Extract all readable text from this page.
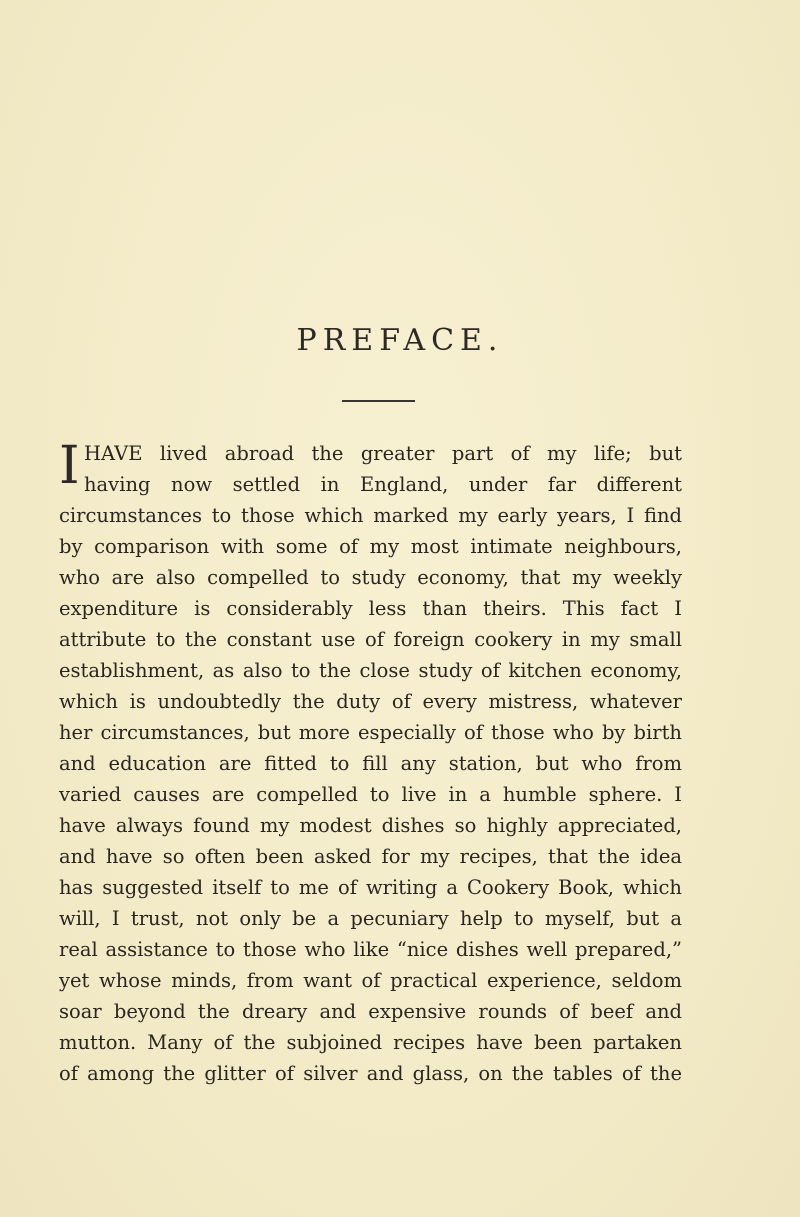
PREFACE.
I HAVE lived abroad the greater part of my life; but
having now settled in England, under far different
circumstances to those which marked my early years, I find
by comparison with some of my most intimate neighbours,
who are also compelled to study economy, that my weekly
expenditure is considerably less than theirs. This fact I
attribute to the constant use of foreign cookery in my small
establishment, as also to the close study of kitchen economy,
which is undoubtedly the duty of every mistress, whatever
her circumstances, but more especially of those who by birth
and education are fitted to fill any station, but who from
varied causes are compelled to live in a humble sphere. I
have always found my modest dishes so highly appreciated,
and have so often been asked for my recipes, that the idea
has suggested itself to me of writing a Cookery Book, which
will, I trust, not only be a pecuniary help to myself, but a
real assistance to those who like “nice dishes well prepared,”
yet whose minds, from want of practical experience, seldom
soar beyond the dreary and expensive rounds of beef and
mutton. Many of the subjoined recipes have been partaken
of among the glitter of silver and glass, on the tables of the
